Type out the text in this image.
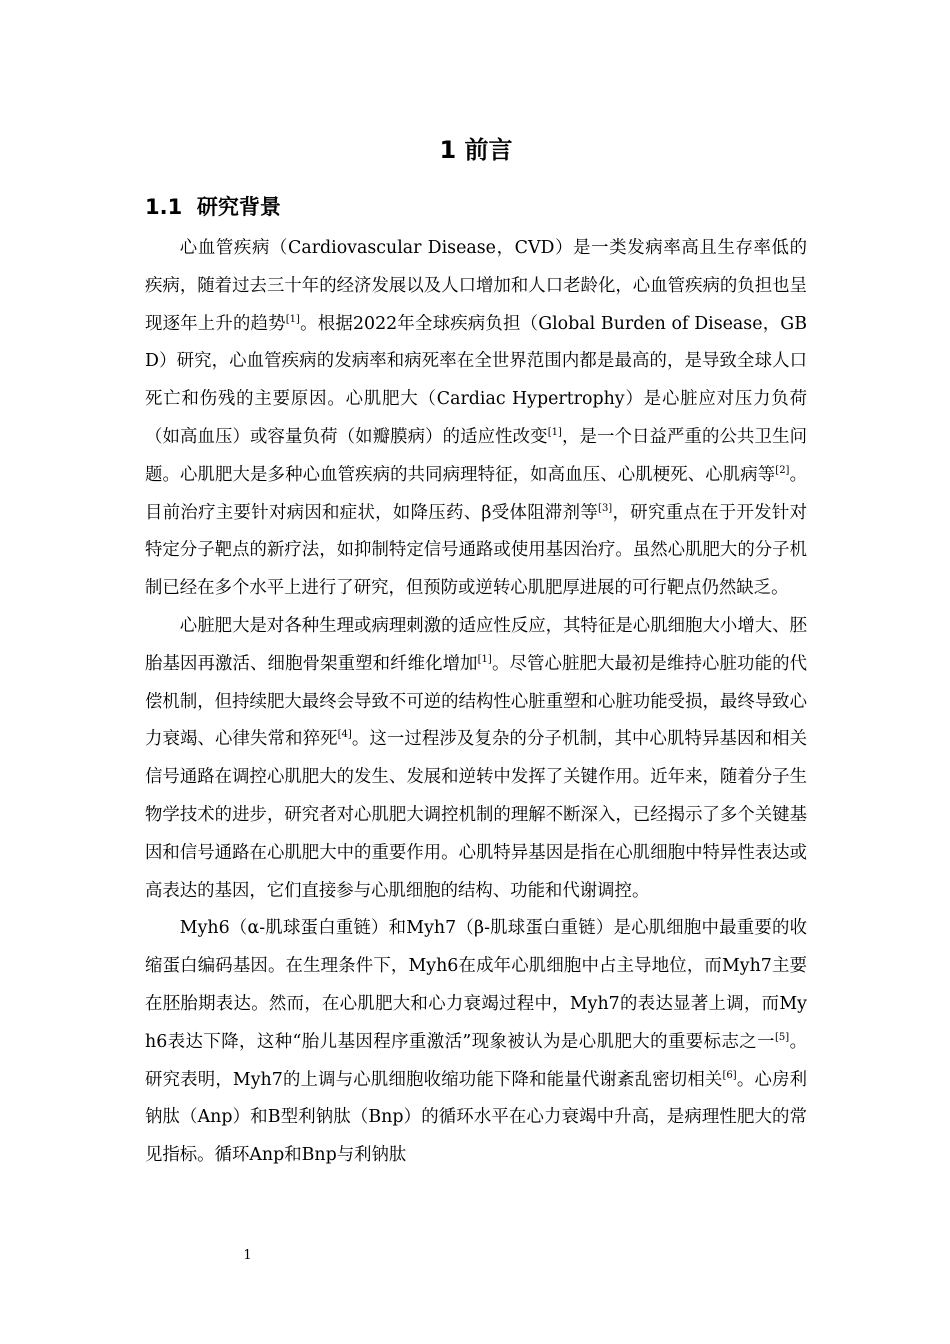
1 前言
1.1  研究背景

心血管疾病（Cardiovascular Disease，CVD）是一类发病率高且生存率低的疾病，随着过去三十年的经济发展以及人口增加和人口老龄化，心血管疾病的负担也呈现逐年上升的趋势[1]。根据2022年全球疾病负担（Global Burden of Disease，GBD）研究，心血管疾病的发病率和病死率在全世界范围内都是最高的，是导致全球人口死亡和伤残的主要原因。心肌肥大（Cardiac Hypertrophy）是心脏应对压力负荷（如高血压）或容量负荷（如瓣膜病）的适应性改变[1]，是一个日益严重的公共卫生问题。心肌肥大是多种心血管疾病的共同病理特征，如高血压、心肌梗死、心肌病等[2]。目前治疗主要针对病因和症状，如降压药、β受体阻滞剂等[3]，研究重点在于开发针对特定分子靶点的新疗法，如抑制特定信号通路或使用基因治疗。虽然心肌肥大的分子机制已经在多个水平上进行了研究，但预防或逆转心肌肥厚进展的可行靶点仍然缺乏。

心脏肥大是对各种生理或病理刺激的适应性反应，其特征是心肌细胞大小增大、胚胎基因再激活、细胞骨架重塑和纤维化增加[1]。尽管心脏肥大最初是维持心脏功能的代偿机制，但持续肥大最终会导致不可逆的结构性心脏重塑和心脏功能受损，最终导致心力衰竭、心律失常和猝死[4]。这一过程涉及复杂的分子机制，其中心肌特异基因和相关信号通路在调控心肌肥大的发生、发展和逆转中发挥了关键作用。近年来，随着分子生物学技术的进步，研究者对心肌肥大调控机制的理解不断深入，已经揭示了多个关键基因和信号通路在心肌肥大中的重要作用。心肌特异基因是指在心肌细胞中特异性表达或高表达的基因，它们直接参与心肌细胞的结构、功能和代谢调控。

Myh6（α-肌球蛋白重链）和Myh7（β-肌球蛋白重链）是心肌细胞中最重要的收缩蛋白编码基因。在生理条件下，Myh6在成年心肌细胞中占主导地位，而Myh7主要在胚胎期表达。然而，在心肌肥大和心力衰竭过程中，Myh7的表达显著上调，而Myh6表达下降，这种“胎儿基因程序重激活”现象被认为是心肌肥大的重要标志之一[5]。研究表明，Myh7的上调与心肌细胞收缩功能下降和能量代谢紊乱密切相关[6]。心房利钠肽（Anp）和B型利钠肽（Bnp）的循环水平在心力衰竭中升高，是病理性肥大的常见指标。循环Anp和Bnp与利钠肽

1
